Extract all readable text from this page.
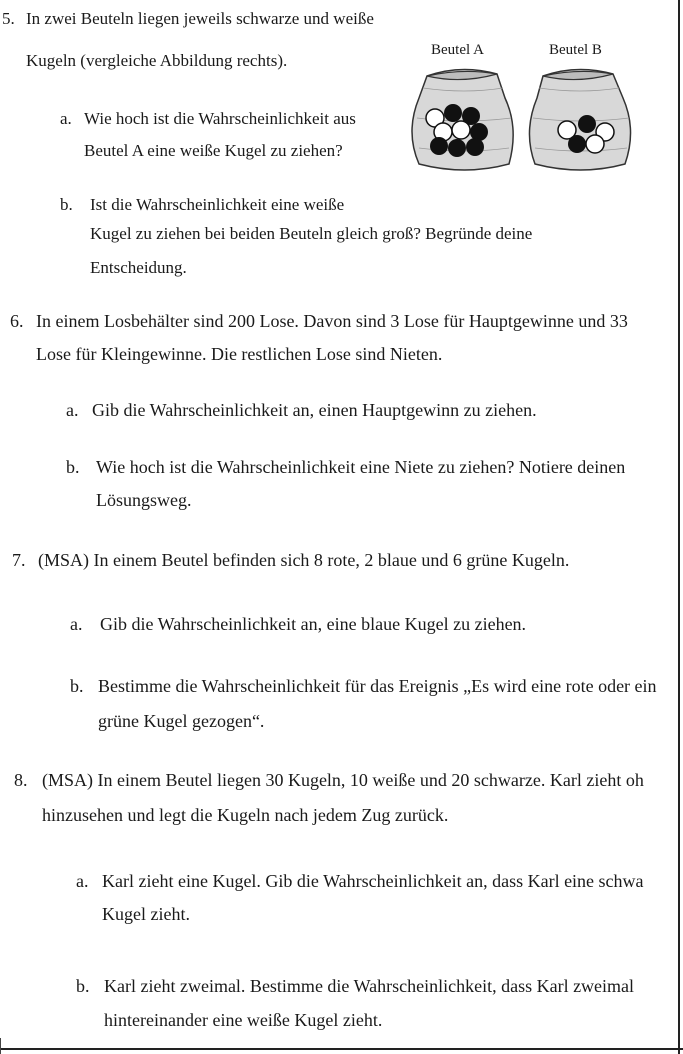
5. In zwei Beuteln liegen jeweils schwarze und weiße
Kugeln (vergleiche Abbildung rechts).
a. Wie hoch ist die Wahrscheinlichkeit aus
Beutel A eine weiße Kugel zu ziehen?
b. Ist die Wahrscheinlichkeit eine weiße
Kugel zu ziehen bei beiden Beuteln gleich groß? Begründe deine
Entscheidung.
Beutel A	Beutel B
6. In einem Losbehälter sind 200 Lose. Davon sind 3 Lose für Hauptgewinne und 33
Lose für Kleingewinne. Die restlichen Lose sind Nieten.
a. Gib die Wahrscheinlichkeit an, einen Hauptgewinn zu ziehen.
b. Wie hoch ist die Wahrscheinlichkeit eine Niete zu ziehen? Notiere deinen
Lösungsweg.
7. (MSA) In einem Beutel befinden sich 8 rote, 2 blaue und 6 grüne Kugeln.
a. Gib die Wahrscheinlichkeit an, eine blaue Kugel zu ziehen.
b. Bestimme die Wahrscheinlichkeit für das Ereignis „Es wird eine rote oder ein
grüne Kugel gezogen“.
8. (MSA) In einem Beutel liegen 30 Kugeln, 10 weiße und 20 schwarze. Karl zieht oh
hinzusehen und legt die Kugeln nach jedem Zug zurück.
a. Karl zieht eine Kugel. Gib die Wahrscheinlichkeit an, dass Karl eine schwa
Kugel zieht.
b. Karl zieht zweimal. Bestimme die Wahrscheinlichkeit, dass Karl zweimal
hintereinander eine weiße Kugel zieht.
